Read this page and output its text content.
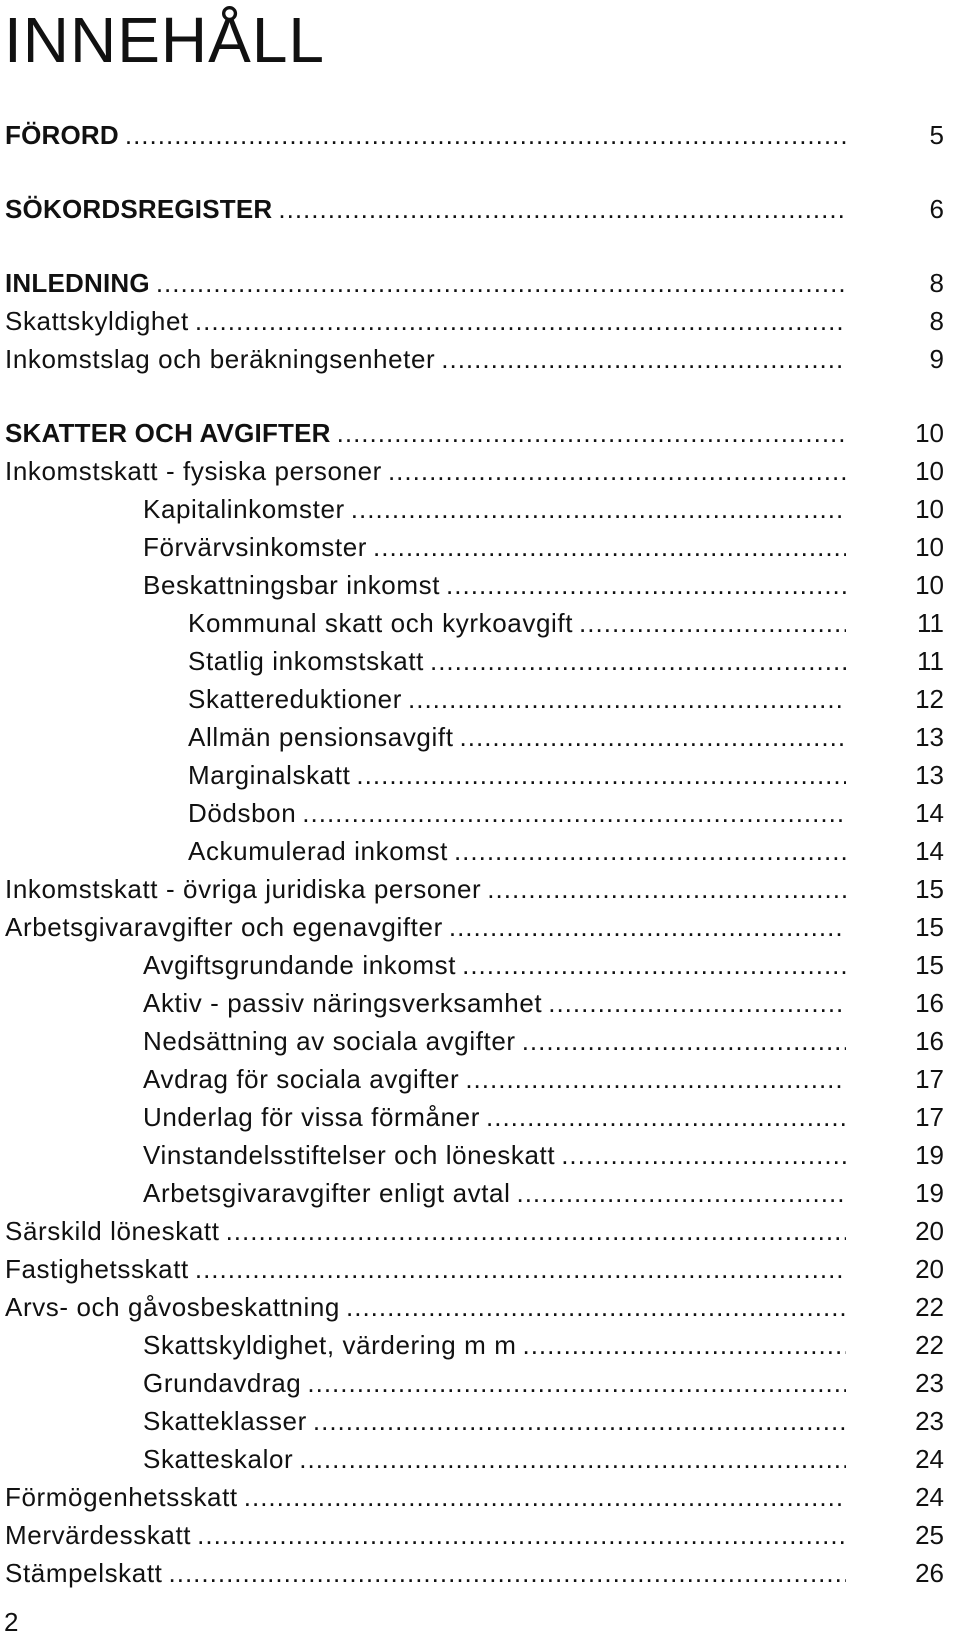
INNEHÅLL
FÖRORD .....	5
SÖKORDSREGISTER .....	6
INLEDNING .....	8
Skattskyldighet .....	8
Inkomstslag och beräkningsenheter .....	9
SKATTER OCH AVGIFTER .....	10
Inkomstskatt - fysiska personer .....	10
Kapitalinkomster .....	10
Förvärvsinkomster .....	10
Beskattningsbar inkomst .....	10
Kommunal skatt och kyrkoavgift .....	11
Statlig inkomstskatt .....	11
Skattereduktioner .....	12
Allmän pensionsavgift .....	13
Marginalskatt .....	13
Dödsbon .....	14
Ackumulerad inkomst .....	14
Inkomstskatt - övriga juridiska personer .....	15
Arbetsgivaravgifter och egenavgifter .....	15
Avgiftsgrundande inkomst .....	15
Aktiv - passiv näringsverksamhet .....	16
Nedsättning av sociala avgifter .....	16
Avdrag för sociala avgifter .....	17
Underlag för vissa förmåner .....	17
Vinstandelsstiftelser och löneskatt .....	19
Arbetsgivaravgifter enligt avtal .....	19
Särskild löneskatt .....	20
Fastighetsskatt .....	20
Arvs- och gåvosbeskattning .....	22
Skattskyldighet, värdering m m .....	22
Grundavdrag .....	23
Skatteklasser .....	23
Skatteskalor .....	24
Förmögenhetsskatt .....	24
Mervärdesskatt .....	25
Stämpelskatt .....	26
2
